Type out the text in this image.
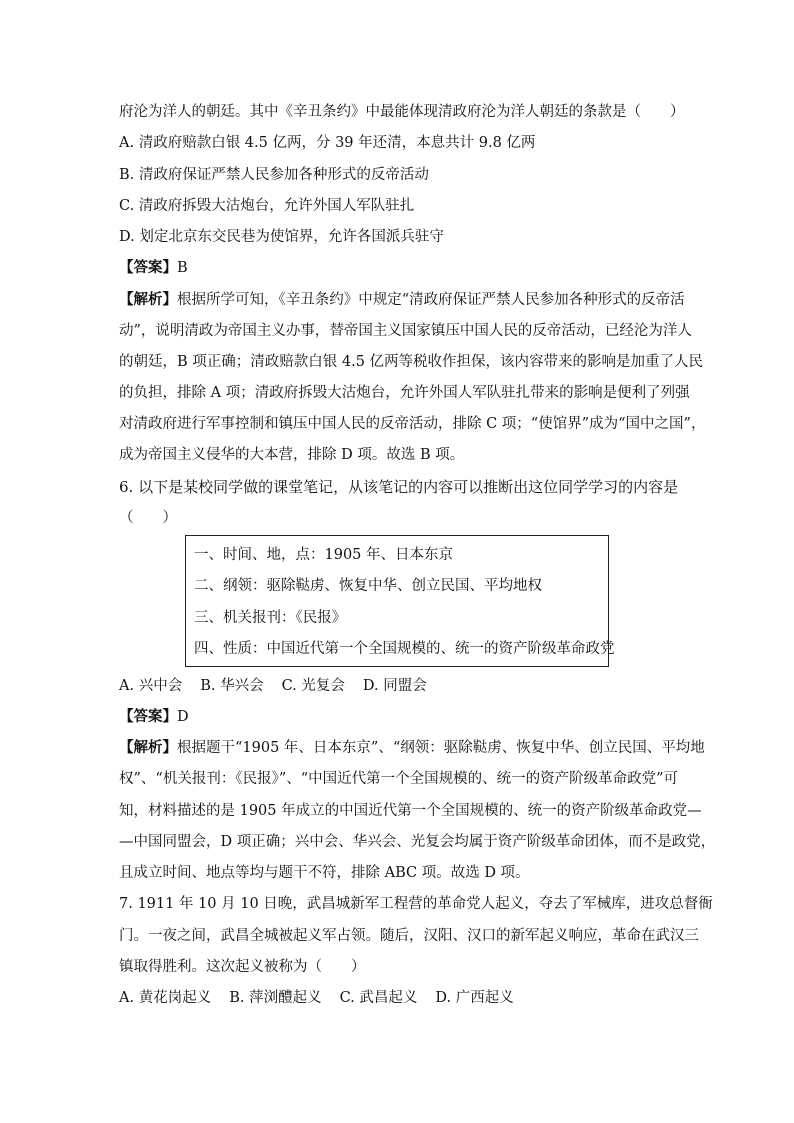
府沦为洋人的朝廷。其中《辛丑条约》中最能体现清政府沦为洋人朝廷的条款是（　　）
A. 清政府赔款白银 4.5 亿两，分 39 年还清，本息共计 9.8 亿两
B. 清政府保证严禁人民参加各种形式的反帝活动
C. 清政府拆毁大沽炮台，允许外国人军队驻扎
D. 划定北京东交民巷为使馆界，允许各国派兵驻守
【答案】B
【解析】根据所学可知，《辛丑条约》中规定“清政府保证严禁人民参加各种形式的反帝活
动”，说明清政为帝国主义办事，替帝国主义国家镇压中国人民的反帝活动，已经沦为洋人
的朝廷，B 项正确；清政赔款白银 4.5 亿两等税收作担保，该内容带来的影响是加重了人民
的负担，排除 A 项；清政府拆毁大沽炮台，允许外国人军队驻扎带来的影响是便利了列强
对清政府进行军事控制和镇压中国人民的反帝活动，排除 C 项；“使馆界”成为“国中之国”，
成为帝国主义侵华的大本营，排除 D 项。故选 B 项。
6. 以下是某校同学做的课堂笔记，从该笔记的内容可以推断出这位同学学习的内容是
（　　）
一、时间、地，点：1905 年、日本东京
二、纲领：驱除鞑虏、恢复中华、创立民国、平均地权
三、机关报刊：《民报》
四、性质：中国近代第一个全国规模的、统一的资产阶级革命政党
A. 兴中会 B. 华兴会 C. 光复会 D. 同盟会
【答案】D
【解析】根据题干“1905 年、日本东京”、“纲领：驱除鞑虏、恢复中华、创立民国、平均地
权”、“机关报刊：《民报》”、“中国近代第一个全国规模的、统一的资产阶级革命政党”可
知，材料描述的是 1905 年成立的中国近代第一个全国规模的、统一的资产阶级革命政党—
—中国同盟会，D 项正确；兴中会、华兴会、光复会均属于资产阶级革命团体，而不是政党，
且成立时间、地点等均与题干不符，排除 ABC 项。故选 D 项。
7. 1911 年 10 月 10 日晚，武昌城新军工程营的革命党人起义，夺去了军械库，进攻总督衙
门。一夜之间，武昌全城被起义军占领。随后，汉阳、汉口的新军起义响应，革命在武汉三
镇取得胜利。这次起义被称为（　　）
A. 黄花岗起义 B. 萍浏醴起义 C. 武昌起义 D. 广西起义
